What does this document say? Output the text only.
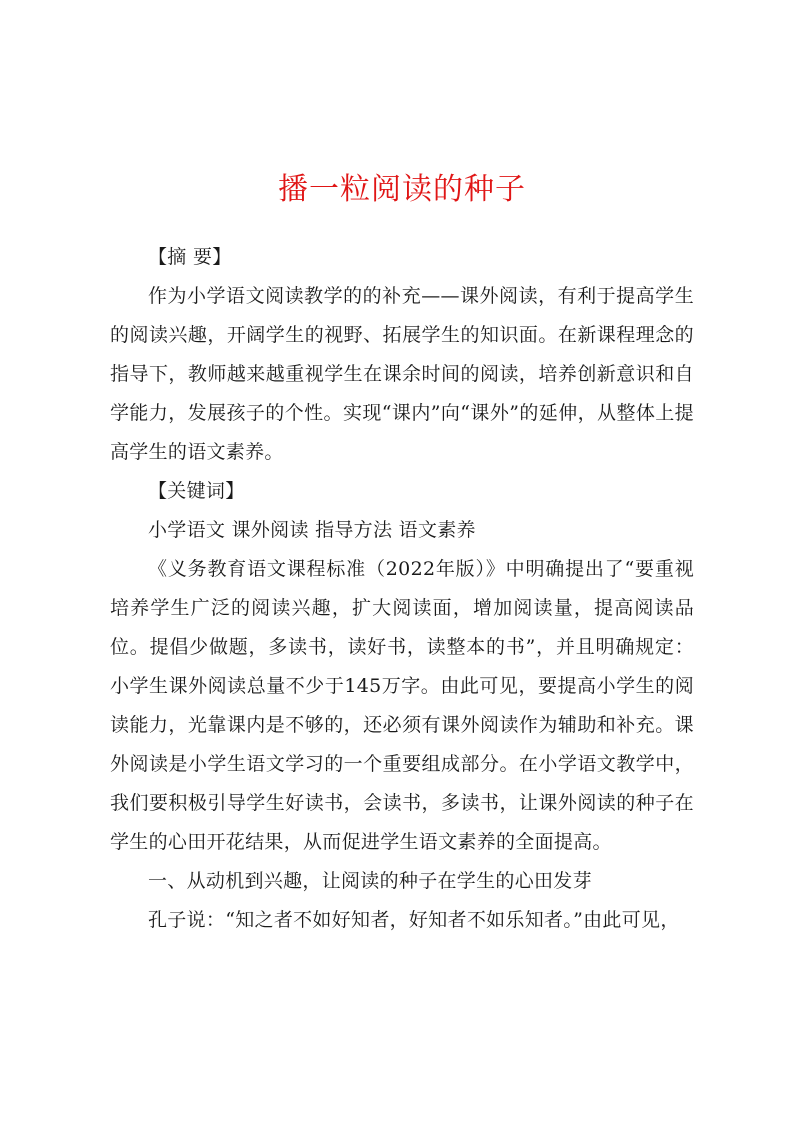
播一粒阅读的种子

【摘 要】

作为小学语文阅读教学的的补充——课外阅读，有利于提高学生的阅读兴趣，开阔学生的视野、拓展学生的知识面。在新课程理念的指导下，教师越来越重视学生在课余时间的阅读，培养创新意识和自学能力，发展孩子的个性。实现“课内”向“课外”的延伸，从整体上提高学生的语文素养。

【关键词】

小学语文 课外阅读 指导方法 语文素养

《义务教育语文课程标准（2022年版）》中明确提出了“要重视培养学生广泛的阅读兴趣，扩大阅读面，增加阅读量，提高阅读品位。提倡少做题，多读书，读好书，读整本的书”，并且明确规定：小学生课外阅读总量不少于145万字。由此可见，要提高小学生的阅读能力，光靠课内是不够的，还必须有课外阅读作为辅助和补充。课外阅读是小学生语文学习的一个重要组成部分。在小学语文教学中，我们要积极引导学生好读书，会读书，多读书，让课外阅读的种子在学生的心田开花结果，从而促进学生语文素养的全面提高。

一、从动机到兴趣，让阅读的种子在学生的心田发芽

孔子说：“知之者不如好知者，好知者不如乐知者。”由此可见，
